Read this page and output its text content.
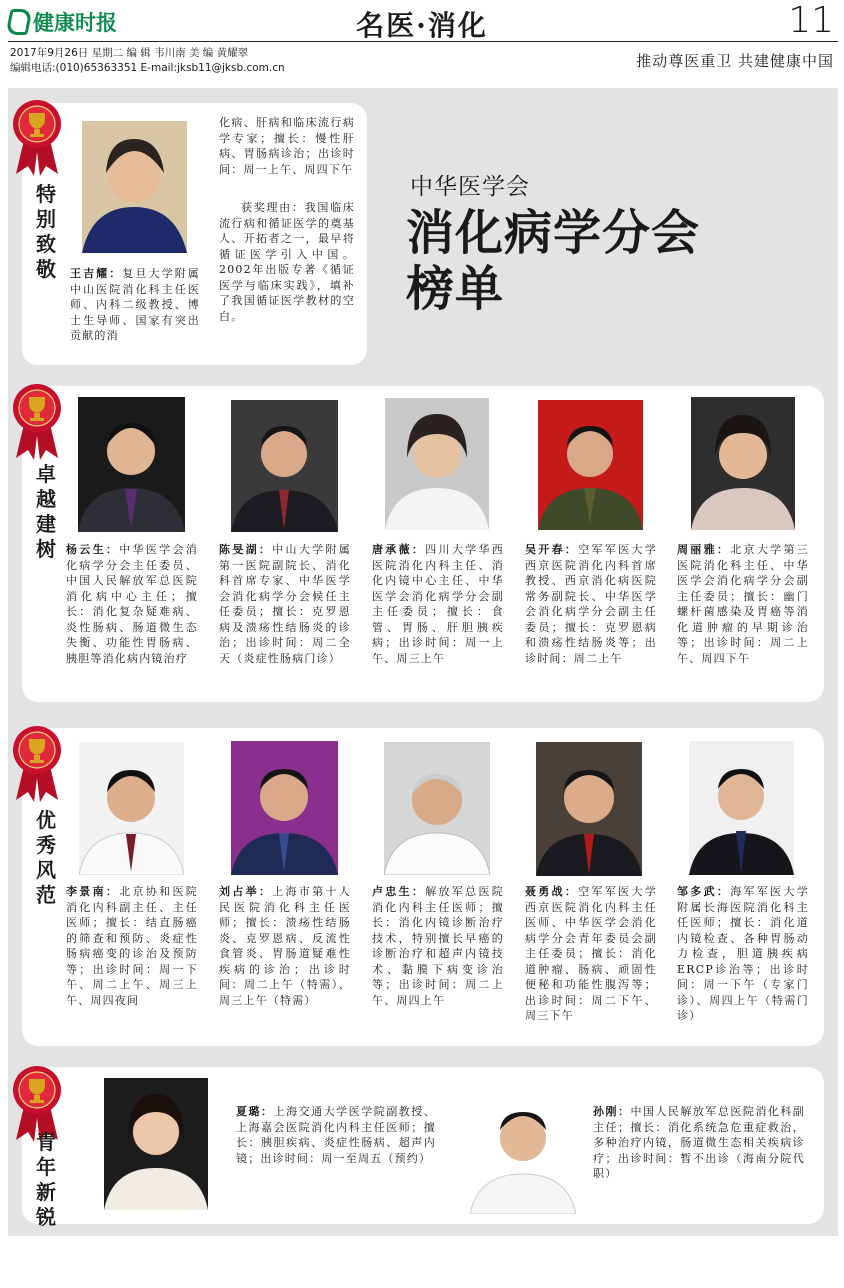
健康时报	名医·消化	11
2017年9月26日 星期二 编 辑 韦川南 美 编 黄耀翠
编辑电话:(010)65363351 E-mail:jksb11@jksb.com.cn	推动尊医重卫 共建健康中国
特别致敬 王吉耀：复旦大学附属中山医院消化科主任医师、内科二级教授、博士生导师、国家有突出贡献的消
化病、肝病和临床流行病学专家；擅长：慢性肝病、胃肠病诊治；出诊时间：周一上午、周四下午
获奖理由：我国临床流行病和循证医学的奠基人、开拓者之一，最早将循证医学引入中国。2002年出版专著《循证医学与临床实践》，填补了我国循证医学教材的空白。
中华医学会
消化病学分会
榜单
卓越建树 杨云生：中华医学会消化病学分会主任委员、中国人民解放军总医院消化病中心主任；擅长：消化复杂疑难病、炎性肠病、肠道微生态失衡、功能性胃肠病、胰胆等消化病内镜治疗
陈旻湖：中山大学附属第一医院副院长、消化科首席专家、中华医学会消化病学分会候任主任委员；擅长：克罗恩病及溃疡性结肠炎的诊治；出诊时间：周二全天（炎症性肠病门诊）
唐承薇：四川大学华西医院消化内科主任、消化内镜中心主任、中华医学会消化病学分会副主任委员；擅长：食管、胃肠、肝胆胰疾病；出诊时间：周一上午、周三上午
吴开春：空军军医大学西京医院消化内科首席教授、西京消化病医院常务副院长、中华医学会消化病学分会副主任委员；擅长：克罗恩病和溃疡性结肠炎等；出诊时间：周二上午
周丽雅：北京大学第三医院消化科主任、中华医学会消化病学分会副主任委员；擅长：幽门螺杆菌感染及胃癌等消化道肿瘤的早期诊治等；出诊时间：周二上午、周四下午
优秀风范 李景南：北京协和医院消化内科副主任、主任医师；擅长：结直肠癌的筛查和预防、炎症性肠病癌变的诊治及预防等；出诊时间：周一下午、周二上午、周三上午、周四夜间
刘占举：上海市第十人民医院消化科主任医师；擅长：溃疡性结肠炎、克罗恩病、反流性食管炎、胃肠道疑难性疾病的诊治；出诊时间：周二上午（特需）、周三上午（特需）
卢忠生：解放军总医院消化内科主任医师；擅长：消化内镜诊断治疗技术，特别擅长早癌的诊断治疗和超声内镜技术、黏膜下病变诊治等；出诊时间：周二上午、周四上午
聂勇战：空军军医大学西京医院消化内科主任医师、中华医学会消化病学分会青年委员会副主任委员；擅长：消化道肿瘤、肠病、顽固性便秘和功能性腹泻等；出诊时间：周二下午、周三下午
邹多武：海军军医大学附属长海医院消化科主任医师；擅长：消化道内镜检查、各种胃肠动力检查，胆道胰疾病ERCP诊治等；出诊时间：周一下午（专家门诊）、周四上午（特需门诊）
青年新锐
夏璐：上海交通大学医学院副教授、上海嘉会医院消化内科主任医师；擅长：胰胆疾病、炎症性肠病、超声内镜；出诊时间：周一至周五（预约）
孙刚：中国人民解放军总医院消化科副主任；擅长：消化系统急危重症救治，多种治疗内镜，肠道微生态相关疾病诊疗；出诊时间：暂不出诊（海南分院代职）
